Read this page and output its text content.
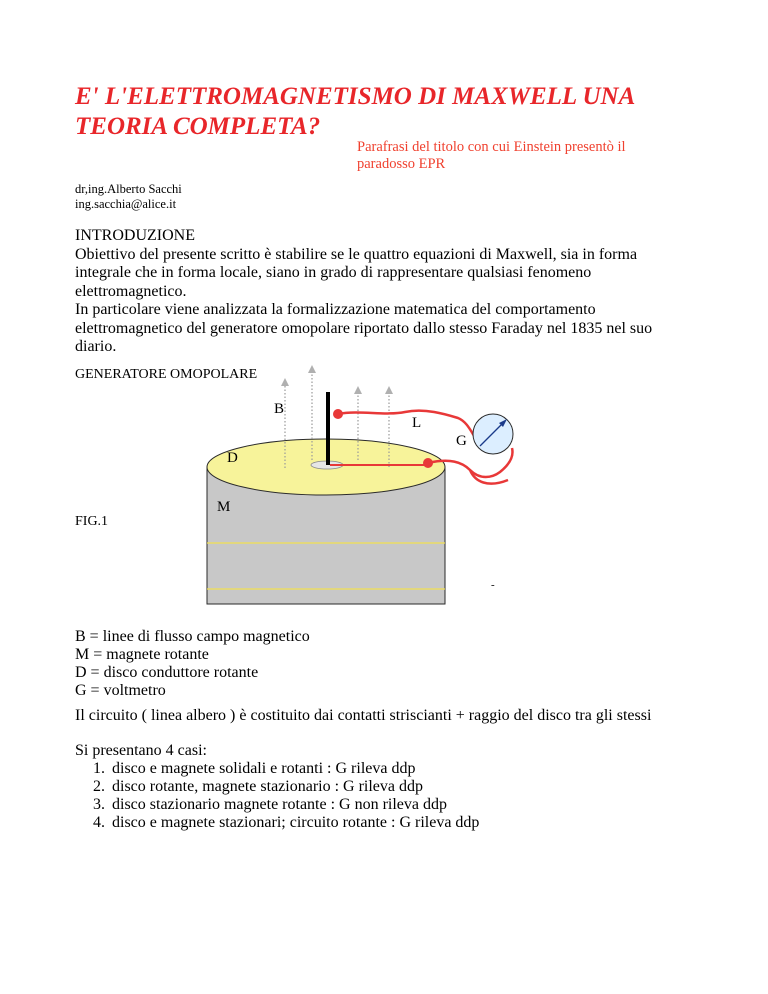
E' L'ELETTROMAGNETISMO DI MAXWELL UNA TEORIA COMPLETA?
Parafrasi del titolo con cui Einstein presentò il paradosso EPR
dr,ing.Alberto Sacchi
ing.sacchia@alice.it
INTRODUZIONE
Obiettivo del presente scritto è stabilire se le quattro equazioni di Maxwell, sia in forma integrale che in forma locale, siano in grado di rappresentare qualsiasi fenomeno elettromagnetico.
In particolare viene analizzata la formalizzazione matematica del comportamento elettromagnetico del generatore omopolare riportato dallo stesso Faraday nel 1835 nel suo diario.
GENERATORE OMOPOLARE
FIG.1
B
L
G
D
M
-
B = linee di flusso campo magnetico
M = magnete rotante
D = disco conduttore rotante
G = voltmetro
Il circuito ( linea albero ) è costituito dai contatti striscianti + raggio del disco tra gli stessi
Si presentano 4 casi:
1. disco e magnete solidali e rotanti : G rileva ddp
2. disco rotante, magnete stazionario : G rileva ddp
3. disco stazionario magnete rotante : G non rileva ddp
4. disco e magnete stazionari; circuito rotante : G rileva ddp
